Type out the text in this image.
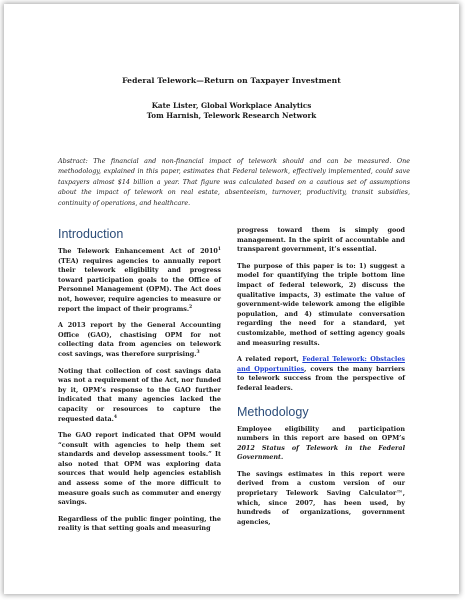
Federal Telework—Return on Taxpayer Investment
Kate Lister, Global Workplace Analytics
Tom Harnish, Telework Research Network
Abstract: The financial and non-financial impact of telework should and can be measured. One methodology, explained in this paper, estimates that Federal telework, effectively implemented, could save taxpayers almost $14 billion a year. That figure was calculated based on a cautious set of assumptions about the impact of telework on real estate, absenteeism, turnover, productivity, transit subsidies, continuity of operations, and healthcare.
Introduction

The Telework Enhancement Act of 2010$^1$ (TEA) requires agencies to annually report their telework eligibility and progress toward participation goals to the Office of Personnel Management (OPM). The Act does not, however, require agencies to measure or report the impact of their programs.$^2$

A 2013 report by the General Accounting Office (GAO), chastising OPM for not collecting data from agencies on telework cost savings, was therefore surprising.$^3$

Noting that collection of cost savings data was not a requirement of the Act, nor funded by it, OPM’s response to the GAO further indicated that many agencies lacked the capacity or resources to capture the requested data.$^4$

The GAO report indicated that OPM would “consult with agencies to help them set standards and develop assessment tools.” It also noted that OPM was exploring data sources that would help agencies establish and assess some of the more difficult to measure goals such as commuter and energy savings.

Regardless of the public finger pointing, the reality is that setting goals and measuring

progress toward them is simply good management. In the spirit of accountable and transparent government, it’s essential.

The purpose of this paper is to: 1) suggest a model for quantifying the triple bottom line impact of federal telework, 2) discuss the qualitative impacts, 3) estimate the value of government-wide telework among the eligible population, and 4) stimulate conversation regarding the need for a standard, yet customizable, method of setting agency goals and measuring results.

A related report, Federal Telework: Obstacles and Opportunities, covers the many barriers to telework success from the perspective of federal leaders.

Methodology

Employee eligibility and participation numbers in this report are based on OPM’s 2012 Status of Telework in the Federal Government.

The savings estimates in this report were derived from a custom version of our proprietary Telework Saving Calculator™, which, since 2007, has been used, by hundreds of organizations, government agencies,
